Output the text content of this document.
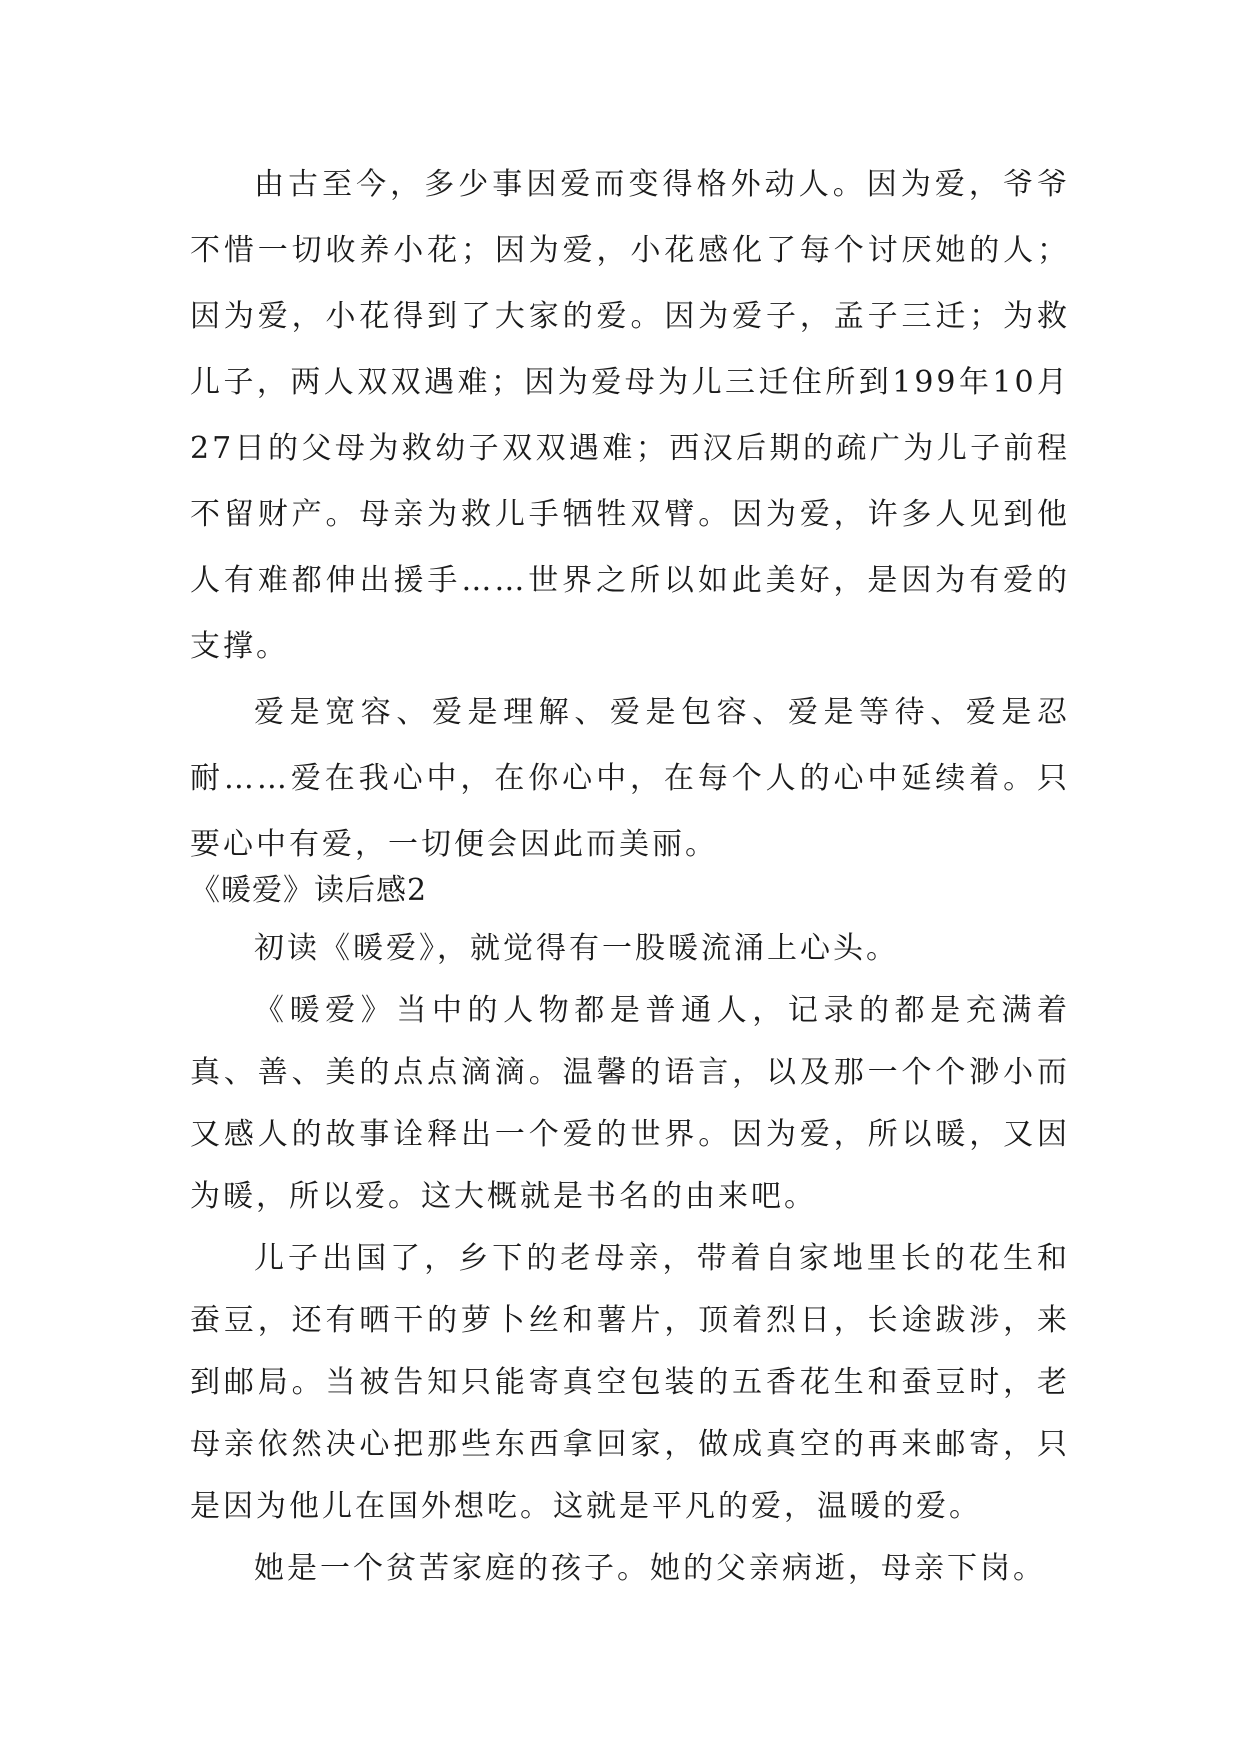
由古至今，多少事因爱而变得格外动人。因为爱，爷爷不惜一切收养小花；因为爱，小花感化了每个讨厌她的人；因为爱，小花得到了大家的爱。因为爱子，孟子三迁；为救儿子，两人双双遇难；因为爱母为儿三迁住所到199年10月27日的父母为救幼子双双遇难；西汉后期的疏广为儿子前程不留财产。母亲为救儿手牺牲双臂。因为爱，许多人见到他人有难都伸出援手……世界之所以如此美好，是因为有爱的支撑。

爱是宽容、爱是理解、爱是包容、爱是等待、爱是忍耐……爱在我心中，在你心中，在每个人的心中延续着。只要心中有爱，一切便会因此而美丽。

《暖爱》读后感2

初读《暖爱》，就觉得有一股暖流涌上心头。

《暖爱》当中的人物都是普通人，记录的都是充满着真、善、美的点点滴滴。温馨的语言，以及那一个个渺小而又感人的故事诠释出一个爱的世界。因为爱，所以暖，又因为暖，所以爱。这大概就是书名的由来吧。

儿子出国了，乡下的老母亲，带着自家地里长的花生和蚕豆，还有晒干的萝卜丝和薯片，顶着烈日，长途跋涉，来到邮局。当被告知只能寄真空包装的五香花生和蚕豆时，老母亲依然决心把那些东西拿回家，做成真空的再来邮寄，只是因为他儿在国外想吃。这就是平凡的爱，温暖的爱。

她是一个贫苦家庭的孩子。她的父亲病逝，母亲下岗。
